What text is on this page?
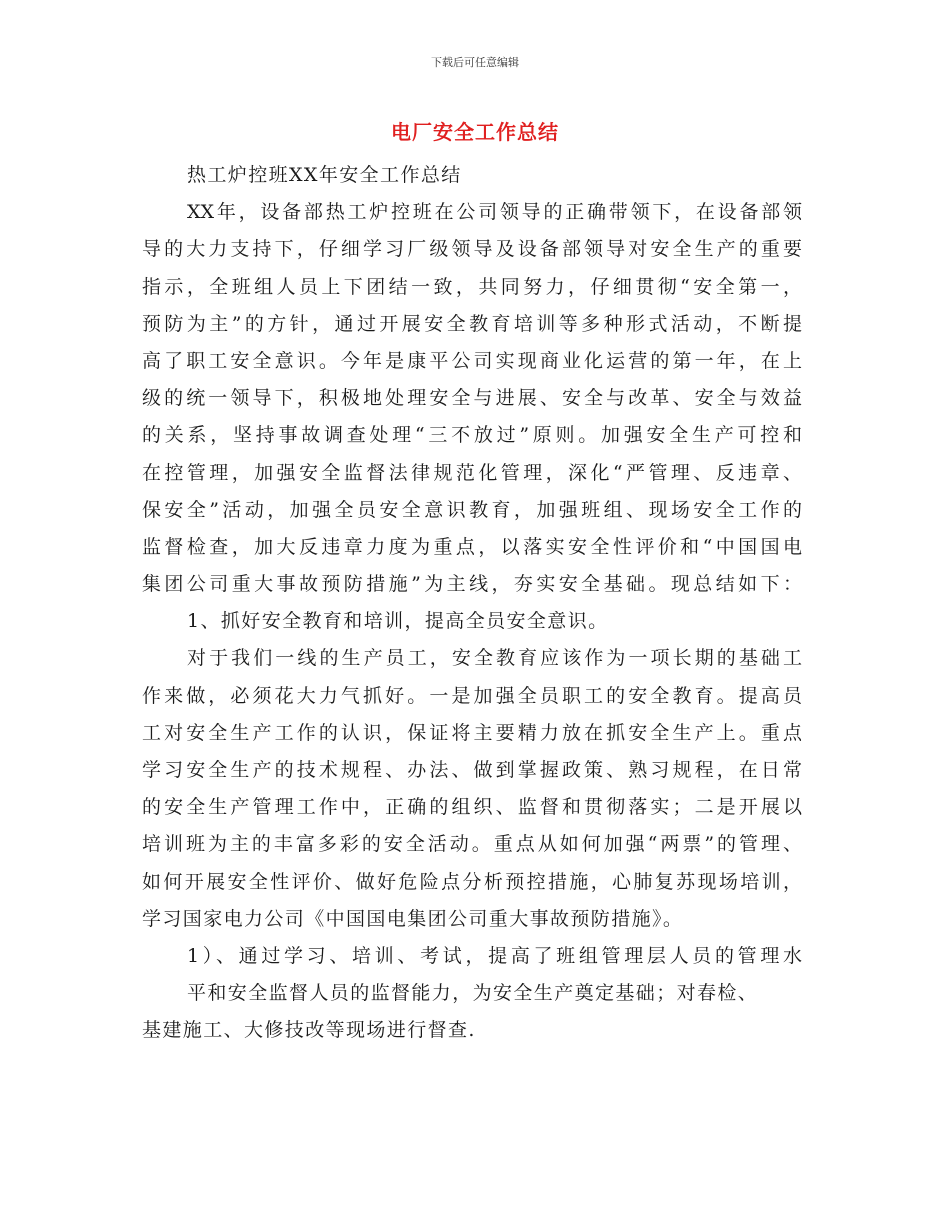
下载后可任意编辑
电厂安全工作总结
热工炉控班XX年安全工作总结
XX年，设备部热工炉控班在公司领导的正确带领下，在设备部领
导的大力支持下，仔细学习厂级领导及设备部领导对安全生产的重要
指示，全班组人员上下团结一致，共同努力，仔细贯彻“安全第一，
预防为主”的方针，通过开展安全教育培训等多种形式活动，不断提
高了职工安全意识。今年是康平公司实现商业化运营的第一年，在上
级的统一领导下，积极地处理安全与进展、安全与改革、安全与效益
的关系，坚持事故调查处理“三不放过”原则。加强安全生产可控和
在控管理，加强安全监督法律规范化管理，深化“严管理、反违章、
保安全”活动，加强全员安全意识教育，加强班组、现场安全工作的
监督检查，加大反违章力度为重点，以落实安全性评价和“中国国电
集团公司重大事故预防措施”为主线，夯实安全基础。现总结如下：
1、抓好安全教育和培训，提高全员安全意识。
对于我们一线的生产员工，安全教育应该作为一项长期的基础工
作来做，必须花大力气抓好。一是加强全员职工的安全教育。提高员
工对安全生产工作的认识，保证将主要精力放在抓安全生产上。重点
学习安全生产的技术规程、办法、做到掌握政策、熟习规程，在日常
的安全生产管理工作中，正确的组织、监督和贯彻落实；二是开展以
培训班为主的丰富多彩的安全活动。重点从如何加强“两票”的管理、
如何开展安全性评价、做好危险点分析预控措施，心肺复苏现场培训，
学习国家电力公司《中国国电集团公司重大事故预防措施》。
1）、通过学习、培训、考试，提高了班组管理层人员的管理水
平和安全监督人员的监督能力，为安全生产奠定基础；对春检、
基建施工、大修技改等现场进行督查.
